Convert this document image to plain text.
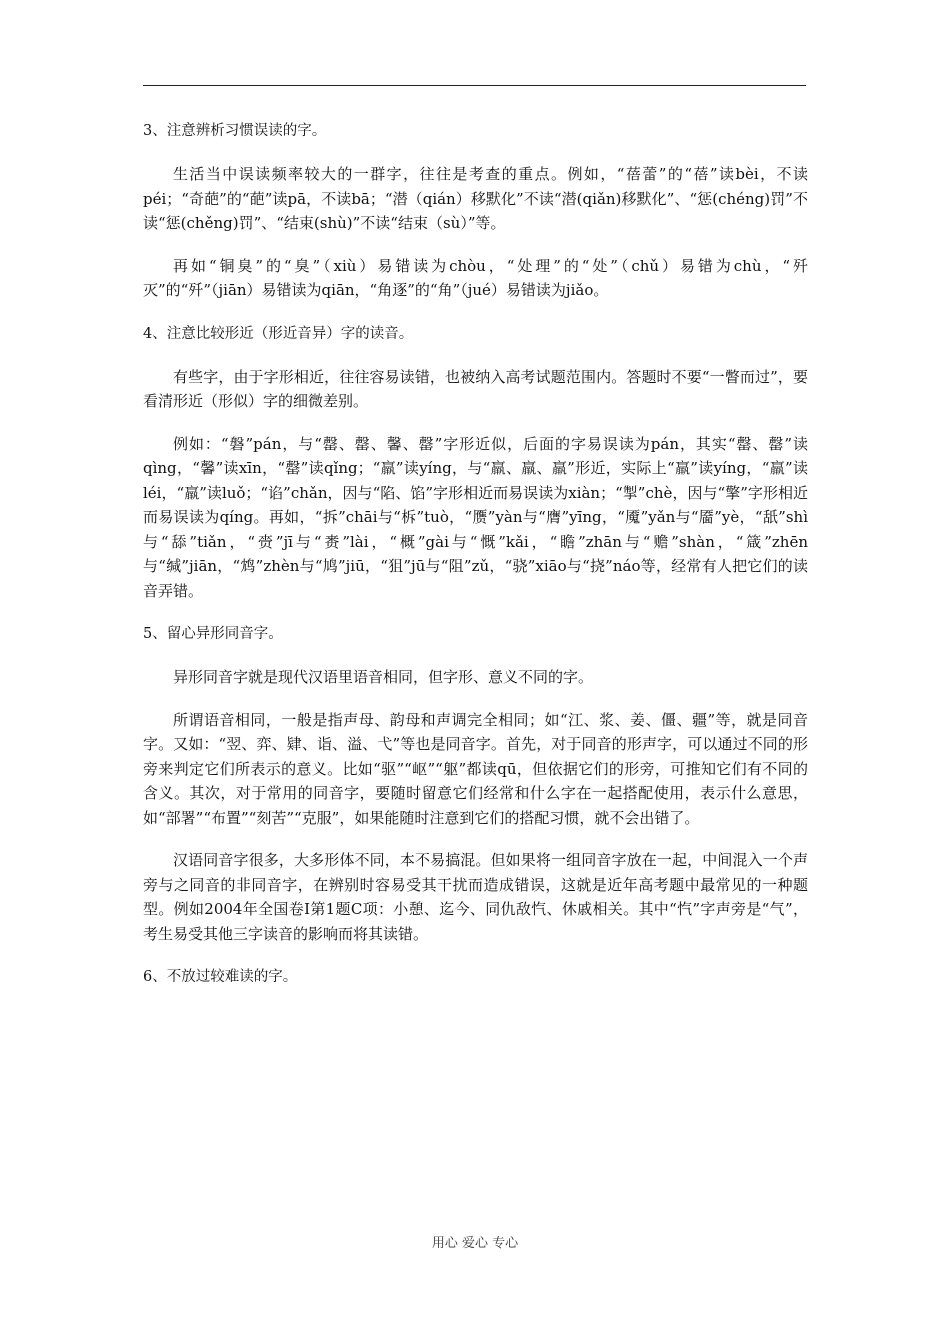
3、注意辨析习惯误读的字。

生活当中误读频率较大的一群字，往往是考查的重点。例如，“蓓蕾”的“蓓”读bèi，不读péi；“奇葩”的“葩”读pā，不读bā；“潜（qián）移默化”不读“潜(qiǎn)移默化”、“惩(chéng)罚”不读“惩(chěng)罚”、“结束(shù)”不读“结束（sù）”等。

再如“铜臭”的“臭”（xiù）易错读为chòu，“处理”的“处”（chǔ）易错为chù，“歼灭”的“歼”（jiān）易错读为qiān，“角逐”的“角”（jué）易错读为jiǎo。

4、注意比较形近（形近音异）字的读音。

有些字，由于字形相近，往往容易读错，也被纳入高考试题范围内。答题时不要“一瞥而过”，要看清形近（形似）字的细微差别。

例如：“磐”pán，与“罄、罄、馨、罄”字形近似，后面的字易误读为pán，其实“罄、罄”读qìng，“馨”读xīn，“罄”读qǐng；“羸”读yíng，与“羸、羸、羸”形近，实际上“羸”读yíng，“羸”读léi，“羸”读luǒ；“谄”chǎn，因与“陷、馅”字形相近而易误读为xiàn；“掣”chè，因与“擎”字形相近而易误读为qíng。再如，“拆”chāi与“柝”tuò，“赝”yàn与“膺”yīng，“魇”yǎn与“靥”yè，“舐”shì与“舔”tiǎn，“赍”jī与“赉”lài，“概”gài与“慨”kǎi，“瞻”zhān与“赡”shàn，“箴”zhēn与“缄”jiān，“鸩”zhèn与“鸠”jiū，“狙”jū与“阻”zǔ，“骁”xiāo与“挠”náo等，经常有人把它们的读音弄错。

5、留心异形同音字。

异形同音字就是现代汉语里语音相同，但字形、意义不同的字。

所谓语音相同，一般是指声母、韵母和声调完全相同；如“江、浆、姜、僵、疆”等，就是同音字。又如：“翌、弈、肄、诣、溢、弋”等也是同音字。首先，对于同音的形声字，可以通过不同的形旁来判定它们所表示的意义。比如“驱”“岖”“躯”都读qū，但依据它们的形旁，可推知它们有不同的含义。其次，对于常用的同音字，要随时留意它们经常和什么字在一起搭配使用，表示什么意思，如“部署”“布置”“刻苦”“克服”，如果能随时注意到它们的搭配习惯，就不会出错了。

汉语同音字很多，大多形体不同，本不易搞混。但如果将一组同音字放在一起，中间混入一个声旁与之同音的非同音字，在辨别时容易受其干扰而造成错误，这就是近年高考题中最常见的一种题型。例如2004年全国卷Ⅰ第1题C项：小憩、迄今、同仇敌忾、休戚相关。其中“忾”字声旁是“气”，考生易受其他三字读音的影响而将其读错。

6、不放过较难读的字。
用心 爱心 专心
